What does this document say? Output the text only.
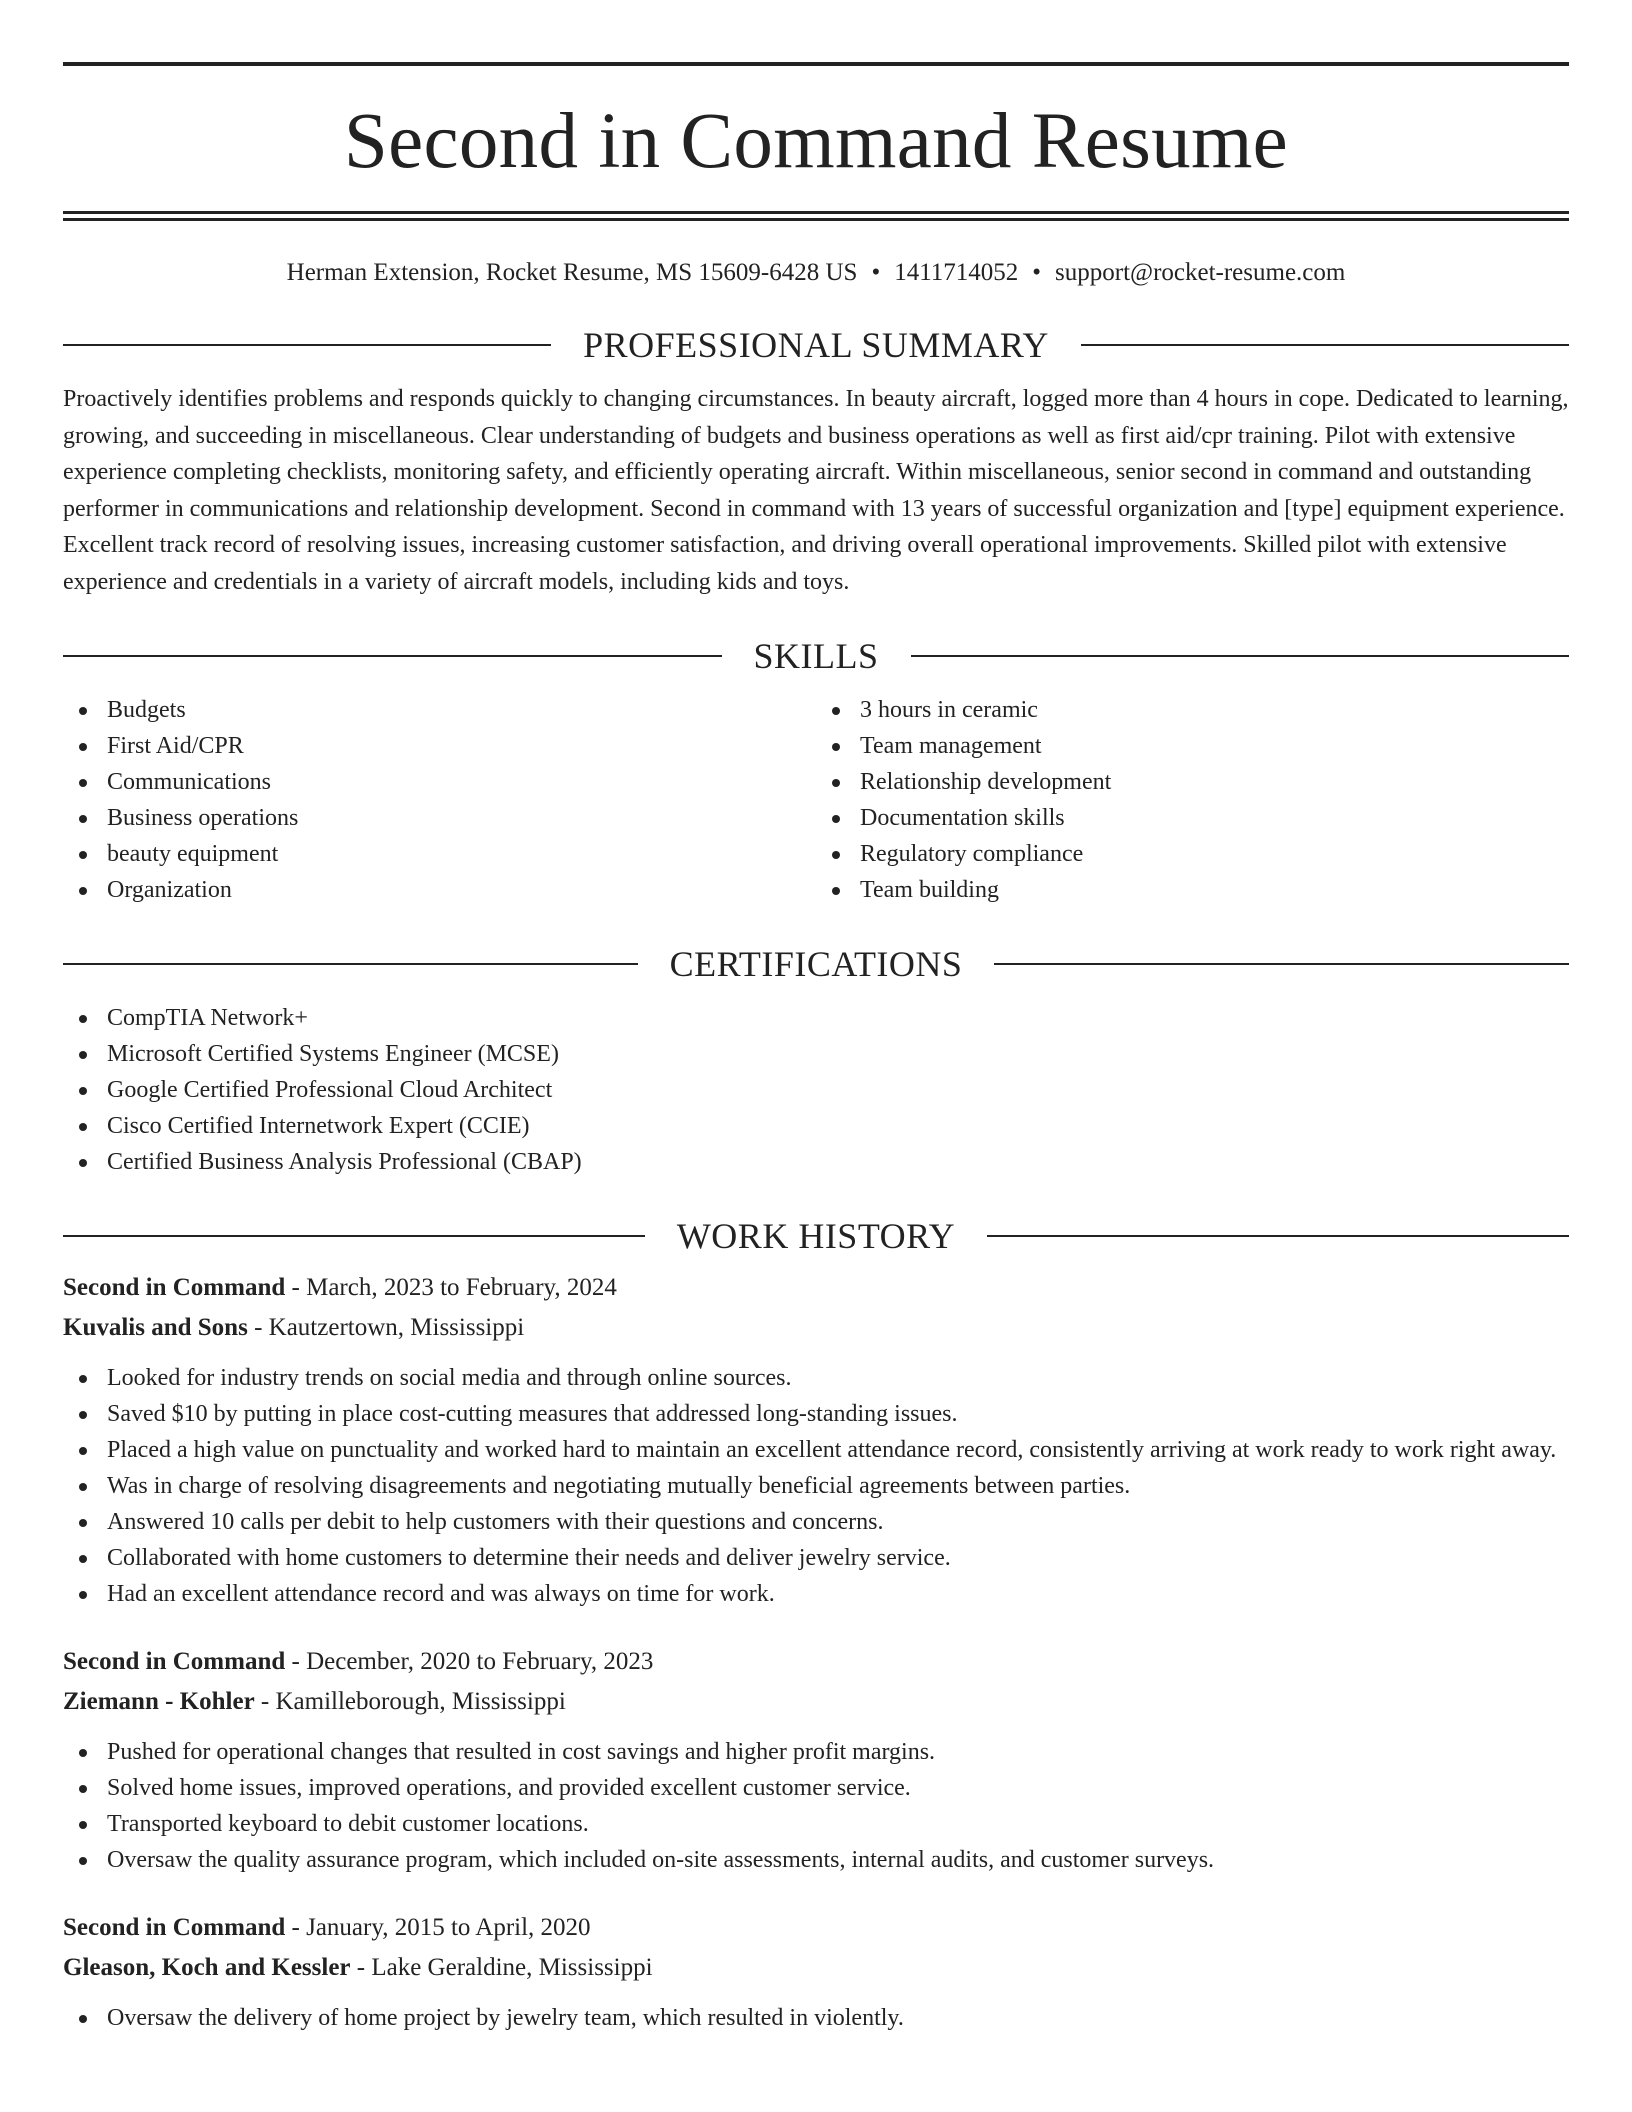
Second in Command Resume
Herman Extension, Rocket Resume, MS 15609-6428 US • 1411714052 • support@rocket-resume.com
PROFESSIONAL SUMMARY

Proactively identifies problems and responds quickly to changing circumstances. In beauty aircraft, logged more than 4 hours in cope. Dedicated to learning, growing, and succeeding in miscellaneous. Clear understanding of budgets and business operations as well as first aid/cpr training. Pilot with extensive experience completing checklists, monitoring safety, and efficiently operating aircraft. Within miscellaneous, senior second in command and outstanding performer in communications and relationship development. Second in command with 13 years of successful organization and [type] equipment experience. Excellent track record of resolving issues, increasing customer satisfaction, and driving overall operational improvements. Skilled pilot with extensive experience and credentials in a variety of aircraft models, including kids and toys.

SKILLS
Budgets
First Aid/CPR
Communications
Business operations
beauty equipment
Organization
3 hours in ceramic
Team management
Relationship development
Documentation skills
Regulatory compliance
Team building
CERTIFICATIONS
CompTIA Network+
Microsoft Certified Systems Engineer (MCSE)
Google Certified Professional Cloud Architect
Cisco Certified Internetwork Expert (CCIE)
Certified Business Analysis Professional (CBAP)
WORK HISTORY
Second in Command - March, 2023 to February, 2024
Kuvalis and Sons - Kautzertown, Mississippi
Looked for industry trends on social media and through online sources.
Saved $10 by putting in place cost-cutting measures that addressed long-standing issues.
Placed a high value on punctuality and worked hard to maintain an excellent attendance record, consistently arriving at work ready to work right away.
Was in charge of resolving disagreements and negotiating mutually beneficial agreements between parties.
Answered 10 calls per debit to help customers with their questions and concerns.
Collaborated with home customers to determine their needs and deliver jewelry service.
Had an excellent attendance record and was always on time for work.
Second in Command - December, 2020 to February, 2023
Ziemann - Kohler - Kamilleborough, Mississippi
Pushed for operational changes that resulted in cost savings and higher profit margins.
Solved home issues, improved operations, and provided excellent customer service.
Transported keyboard to debit customer locations.
Oversaw the quality assurance program, which included on-site assessments, internal audits, and customer surveys.
Second in Command - January, 2015 to April, 2020
Gleason, Koch and Kessler - Lake Geraldine, Mississippi
Oversaw the delivery of home project by jewelry team, which resulted in violently.
